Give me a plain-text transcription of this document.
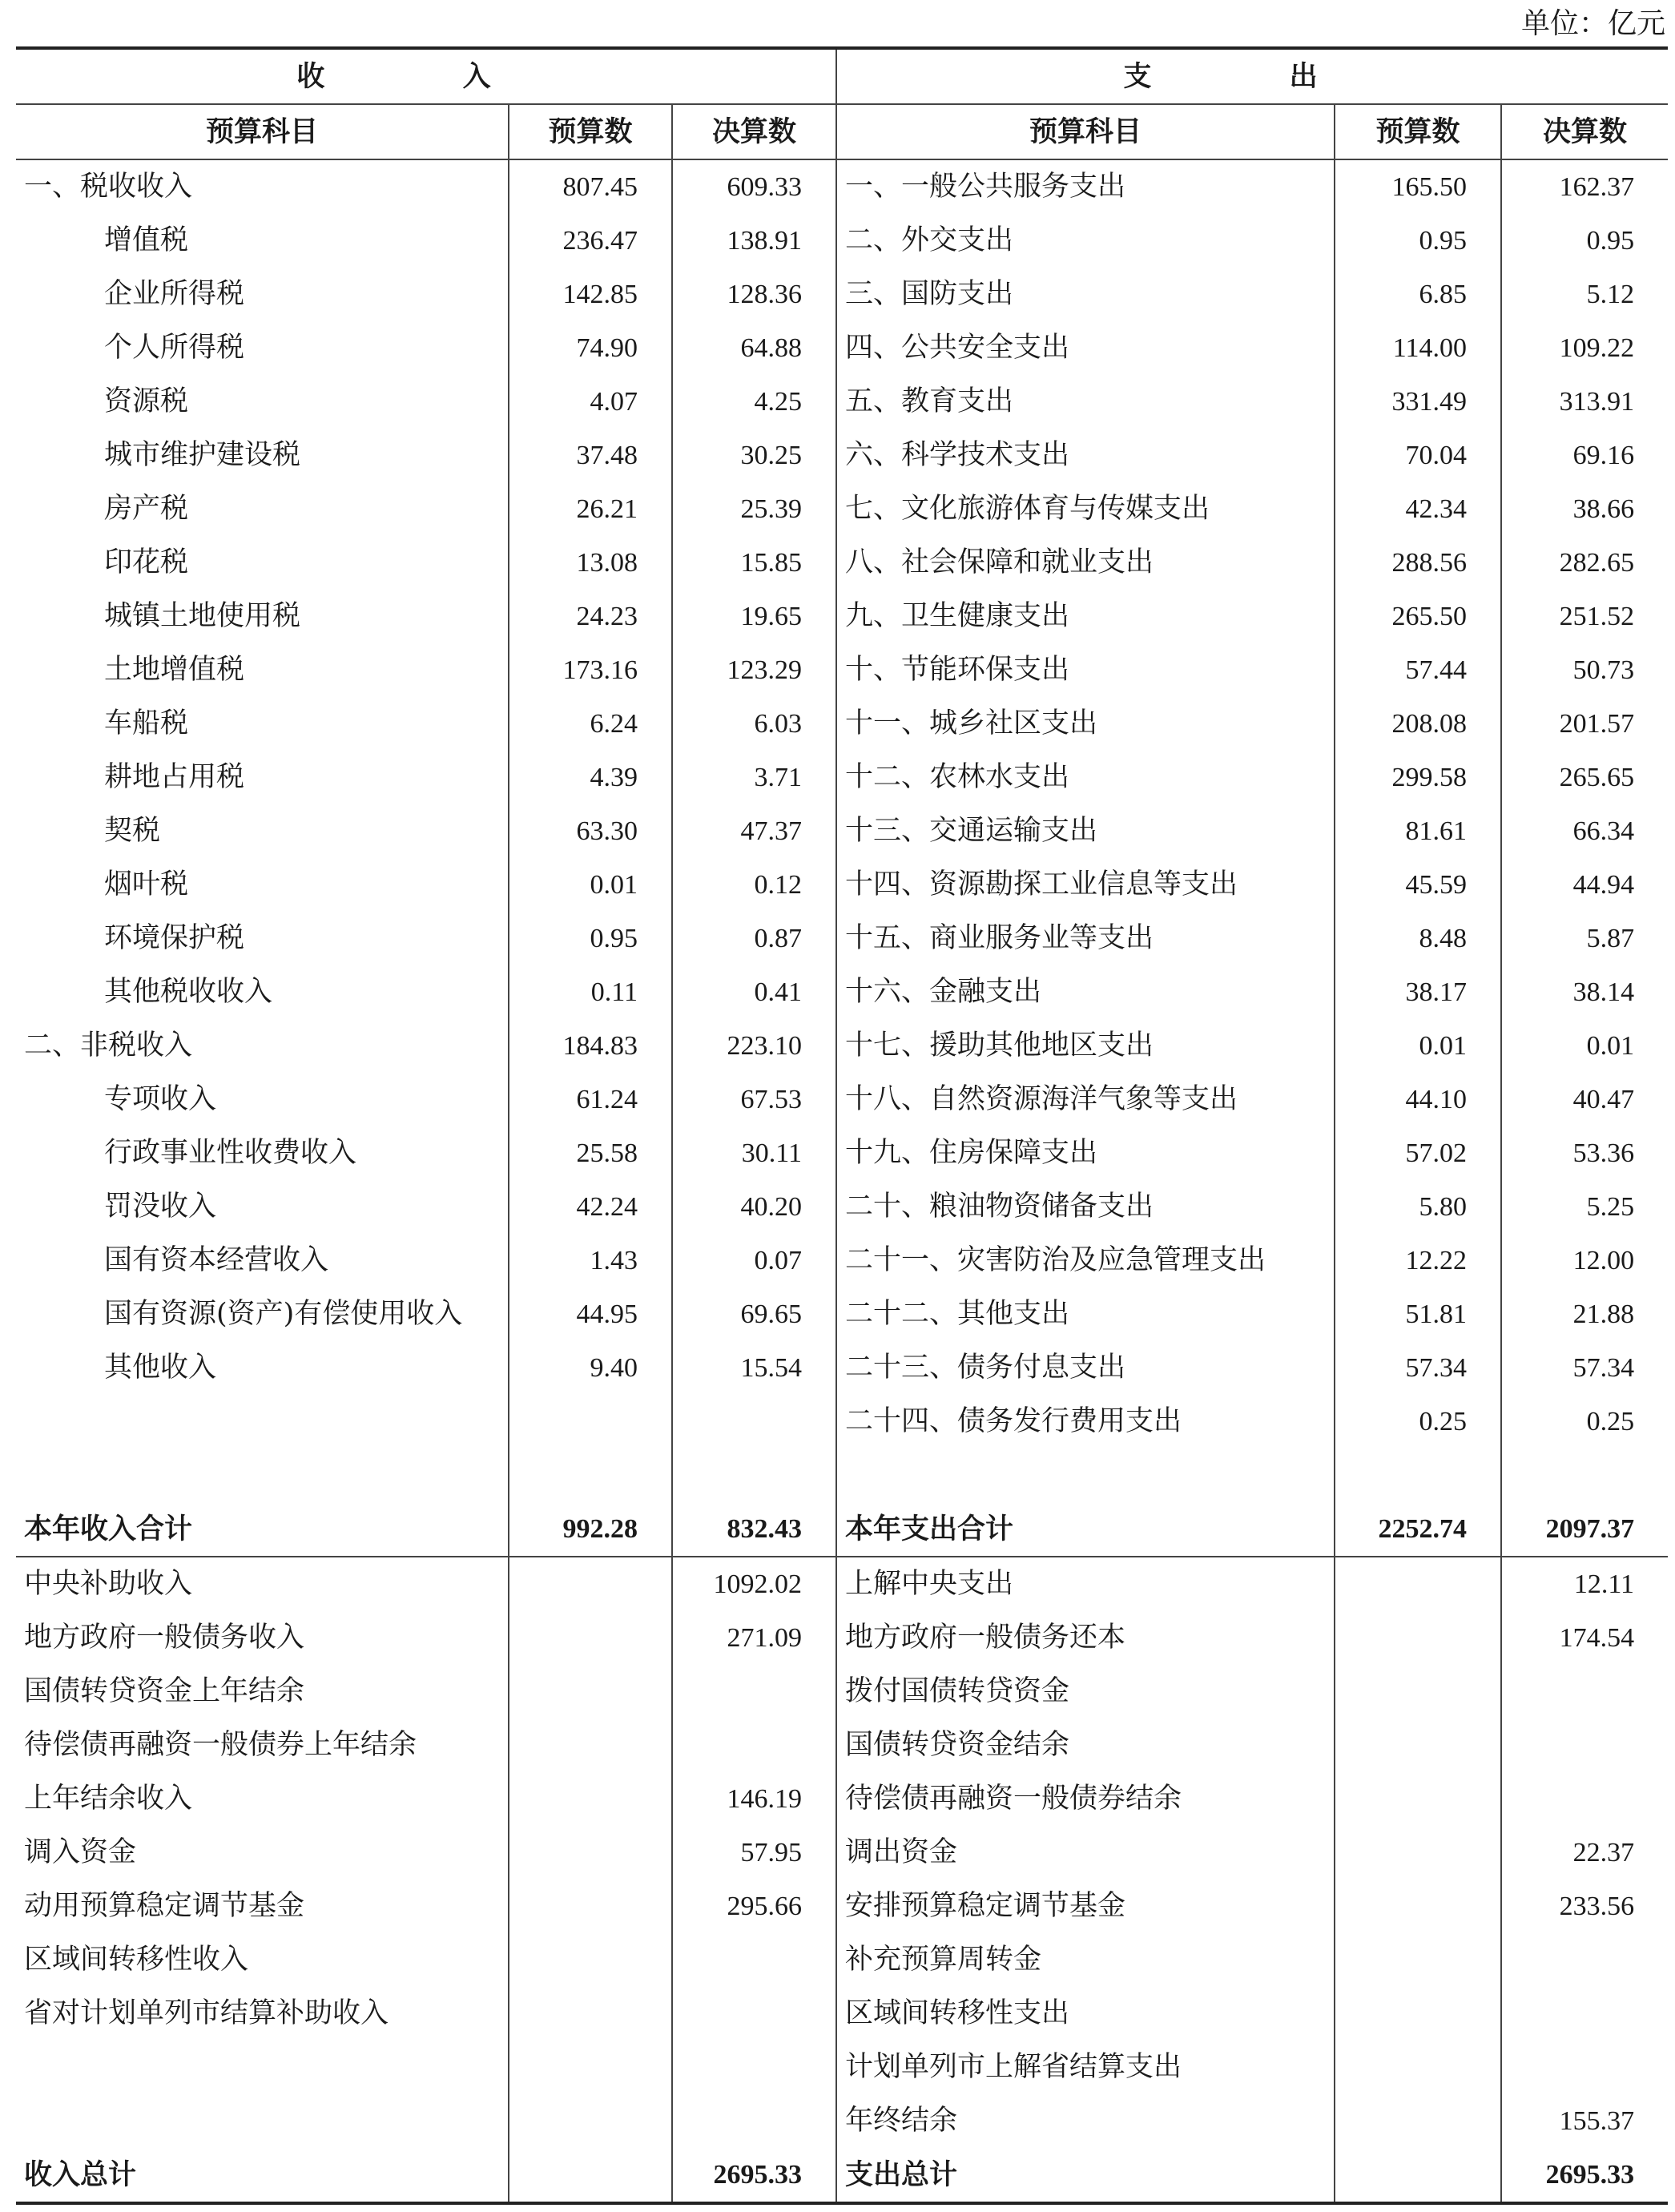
单位：亿元
收 入			支 出		
预算科目	预算数	决算数	预算科目	预算数	决算数
一、税收收入	807.45	609.33	一、一般公共服务支出	165.50	162.37
增值税	236.47	138.91	二、外交支出	0.95	0.95
企业所得税	142.85	128.36	三、国防支出	6.85	5.12
个人所得税	74.90	64.88	四、公共安全支出	114.00	109.22
资源税	4.07	4.25	五、教育支出	331.49	313.91
城市维护建设税	37.48	30.25	六、科学技术支出	70.04	69.16
房产税	26.21	25.39	七、文化旅游体育与传媒支出	42.34	38.66
印花税	13.08	15.85	八、社会保障和就业支出	288.56	282.65
城镇土地使用税	24.23	19.65	九、卫生健康支出	265.50	251.52
土地增值税	173.16	123.29	十、节能环保支出	57.44	50.73
车船税	6.24	6.03	十一、城乡社区支出	208.08	201.57
耕地占用税	4.39	3.71	十二、农林水支出	299.58	265.65
契税	63.30	47.37	十三、交通运输支出	81.61	66.34
烟叶税	0.01	0.12	十四、资源勘探工业信息等支出	45.59	44.94
环境保护税	0.95	0.87	十五、商业服务业等支出	8.48	5.87
其他税收收入	0.11	0.41	十六、金融支出	38.17	38.14
二、非税收入	184.83	223.10	十七、援助其他地区支出	0.01	0.01
专项收入	61.24	67.53	十八、自然资源海洋气象等支出	44.10	40.47
行政事业性收费收入	25.58	30.11	十九、住房保障支出	57.02	53.36
罚没收入	42.24	40.20	二十、粮油物资储备支出	5.80	5.25
国有资本经营收入	1.43	0.07	二十一、灾害防治及应急管理支出	12.22	12.00
国有资源(资产)有偿使用收入	44.95	69.65	二十二、其他支出	51.81	21.88
其他收入	9.40	15.54	二十三、债务付息支出	57.34	57.34
			二十四、债务发行费用支出	0.25	0.25

本年收入合计	992.28	832.43	本年支出合计	2252.74	2097.37
中央补助收入		1092.02	上解中央支出		12.11
地方政府一般债务收入		271.09	地方政府一般债务还本		174.54
国债转贷资金上年结余			拨付国债转贷资金		
待偿债再融资一般债券上年结余			国债转贷资金结余		
上年结余收入		146.19	待偿债再融资一般债券结余		
调入资金		57.95	调出资金		22.37
动用预算稳定调节基金		295.66	安排预算稳定调节基金		233.56
区域间转移性收入			补充预算周转金		
省对计划单列市结算补助收入			区域间转移性支出		
			计划单列市上解省结算支出		
			年终结余		155.37
收入总计		2695.33	支出总计		2695.33
